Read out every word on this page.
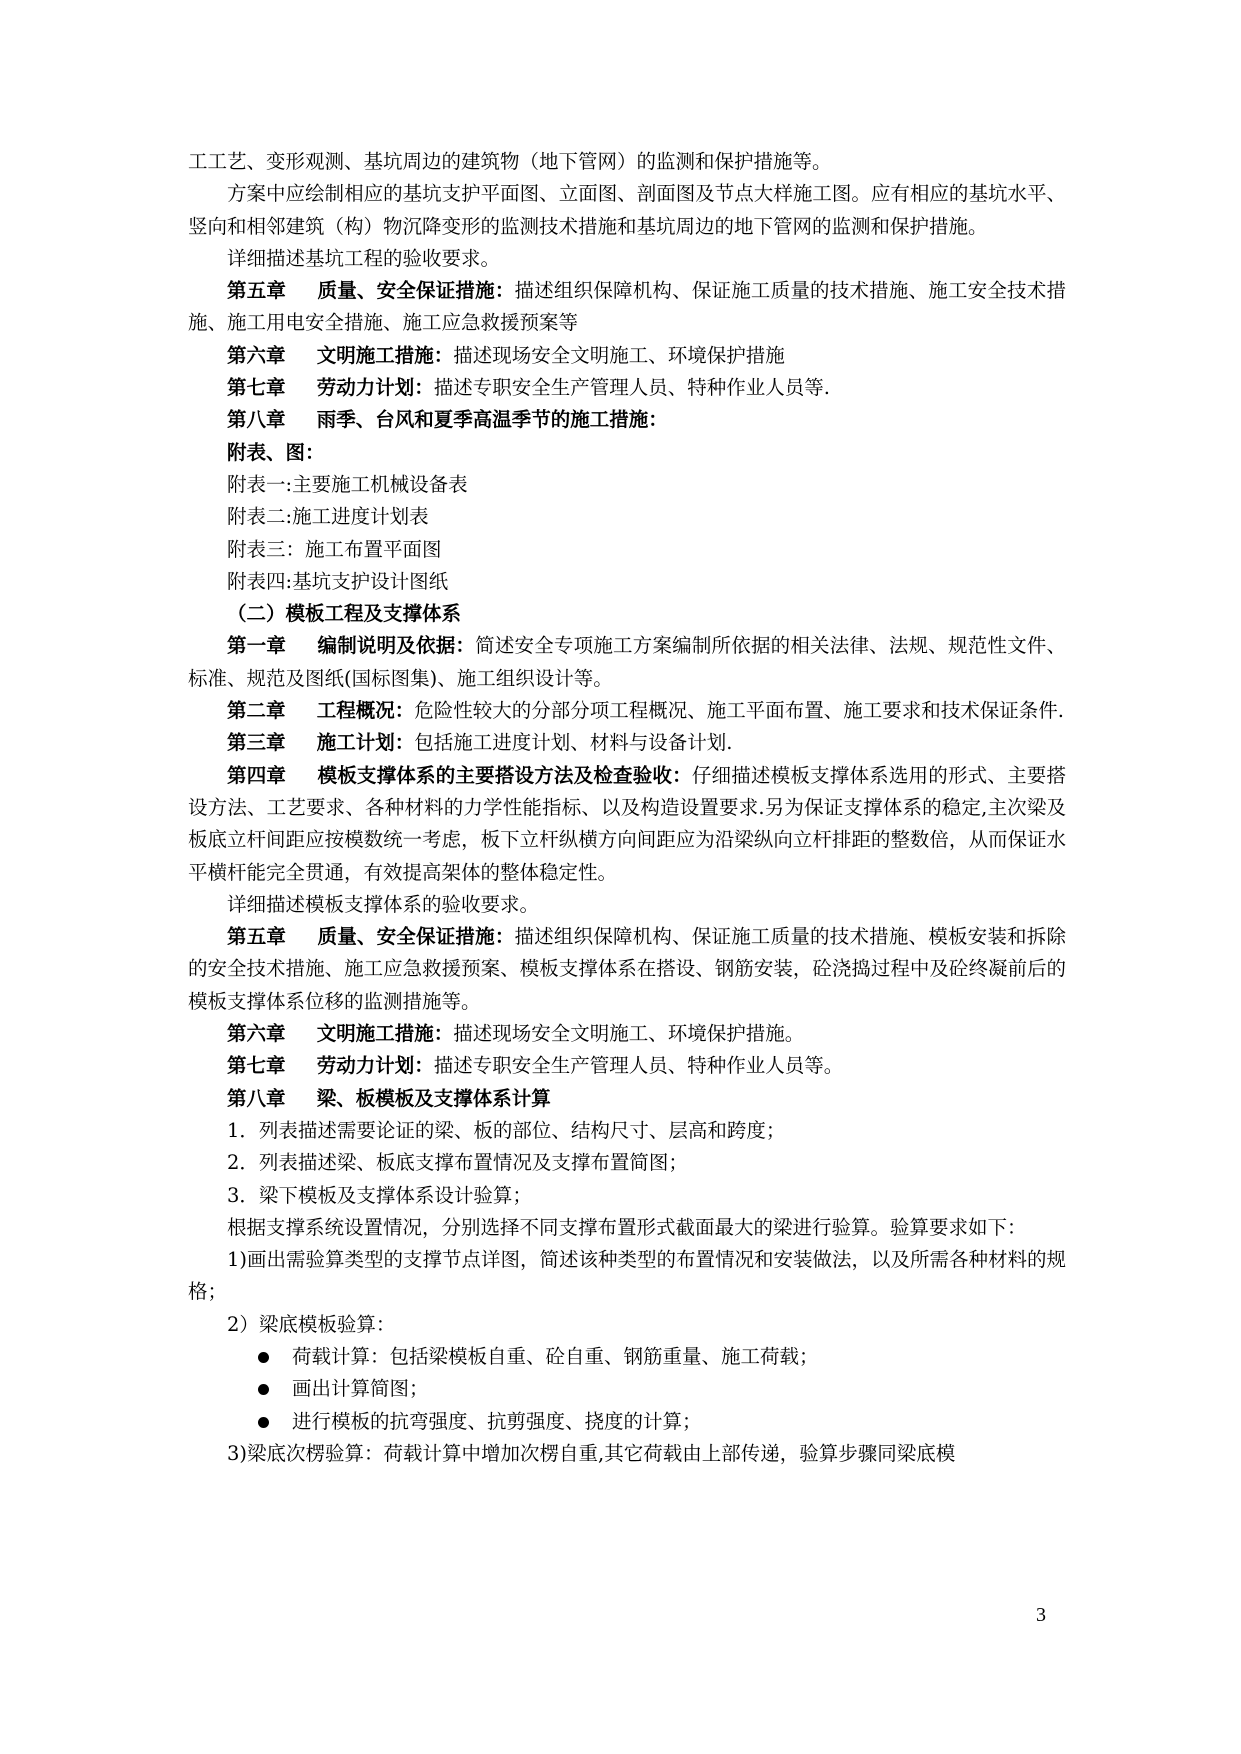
工工艺、变形观测、基坑周边的建筑物（地下管网）的监测和保护措施等。

方案中应绘制相应的基坑支护平面图、立面图、剖面图及节点大样施工图。应有相应的基坑水平、竖向和相邻建筑（构）物沉降变形的监测技术措施和基坑周边的地下管网的监测和保护措施。

详细描述基坑工程的验收要求。

第五章 质量、安全保证措施：描述组织保障机构、保证施工质量的技术措施、施工安全技术措施、施工用电安全措施、施工应急救援预案等

第六章 文明施工措施：描述现场安全文明施工、环境保护措施

第七章 劳动力计划：描述专职安全生产管理人员、特种作业人员等.

第八章 雨季、台风和夏季高温季节的施工措施：

附表、图：

附表一:主要施工机械设备表

附表二:施工进度计划表

附表三：施工布置平面图

附表四:基坑支护设计图纸

（二）模板工程及支撑体系

第一章 编制说明及依据：简述安全专项施工方案编制所依据的相关法律、法规、规范性文件、标准、规范及图纸(国标图集)、施工组织设计等。

第二章 工程概况：危险性较大的分部分项工程概况、施工平面布置、施工要求和技术保证条件.

第三章 施工计划：包括施工进度计划、材料与设备计划.

第四章 模板支撑体系的主要搭设方法及检查验收：仔细描述模板支撑体系选用的形式、主要搭设方法、工艺要求、各种材料的力学性能指标、以及构造设置要求.另为保证支撑体系的稳定,主次梁及板底立杆间距应按模数统一考虑，板下立杆纵横方向间距应为沿梁纵向立杆排距的整数倍，从而保证水平横杆能完全贯通，有效提高架体的整体稳定性。

详细描述模板支撑体系的验收要求。

第五章 质量、安全保证措施：描述组织保障机构、保证施工质量的技术措施、模板安装和拆除的安全技术措施、施工应急救援预案、模板支撑体系在搭设、钢筋安装，砼浇捣过程中及砼终凝前后的模板支撑体系位移的监测措施等。

第六章 文明施工措施：描述现场安全文明施工、环境保护措施。

第七章 劳动力计划：描述专职安全生产管理人员、特种作业人员等。

第八章 梁、板模板及支撑体系计算

1．列表描述需要论证的梁、板的部位、结构尺寸、层高和跨度；

2．列表描述梁、板底支撑布置情况及支撑布置简图；

3．梁下模板及支撑体系设计验算；

根据支撑系统设置情况，分别选择不同支撑布置形式截面最大的梁进行验算。验算要求如下：

1)画出需验算类型的支撑节点详图，简述该种类型的布置情况和安装做法，以及所需各种材料的规格；

2）梁底模板验算：

荷载计算：包括梁模板自重、砼自重、钢筋重量、施工荷载；
画出计算简图；
进行模板的抗弯强度、抗剪强度、挠度的计算；

3)梁底次楞验算：荷载计算中增加次楞自重,其它荷载由上部传递，验算步骤同梁底模

3
